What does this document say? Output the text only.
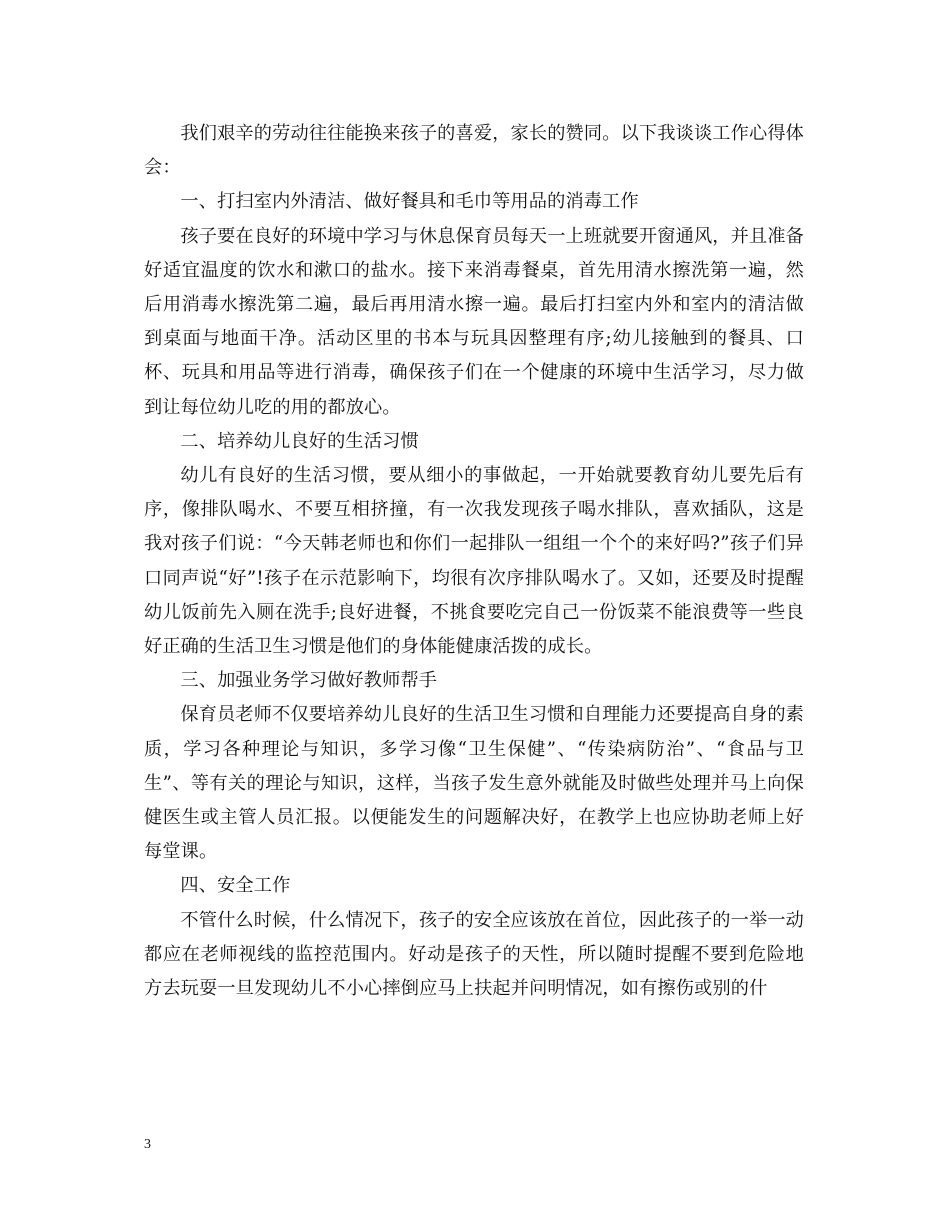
我们艰辛的劳动往往能换来孩子的喜爱，家长的赞同。以下我谈谈工作心得体会：

一、打扫室内外清洁、做好餐具和毛巾等用品的消毒工作

孩子要在良好的环境中学习与休息保育员每天一上班就要开窗通风，并且准备好适宜温度的饮水和漱口的盐水。接下来消毒餐桌，首先用清水擦洗第一遍，然后用消毒水擦洗第二遍，最后再用清水擦一遍。最后打扫室内外和室内的清洁做到桌面与地面干净。活动区里的书本与玩具因整理有序;幼儿接触到的餐具、口杯、玩具和用品等进行消毒，确保孩子们在一个健康的环境中生活学习，尽力做到让每位幼儿吃的用的都放心。

二、培养幼儿良好的生活习惯

幼儿有良好的生活习惯，要从细小的事做起，一开始就要教育幼儿要先后有序，像排队喝水、不要互相挤撞，有一次我发现孩子喝水排队，喜欢插队，这是我对孩子们说：“今天韩老师也和你们一起排队一组组一个个的来好吗?”孩子们异口同声说“好”!孩子在示范影响下，均很有次序排队喝水了。又如，还要及时提醒幼儿饭前先入厕在洗手;良好进餐，不挑食要吃完自己一份饭菜不能浪费等一些良好正确的生活卫生习惯是他们的身体能健康活拨的成长。

三、加强业务学习做好教师帮手

保育员老师不仅要培养幼儿良好的生活卫生习惯和自理能力还要提高自身的素质，学习各种理论与知识，多学习像“卫生保健”、“传染病防治”、“食品与卫生”、等有关的理论与知识，这样，当孩子发生意外就能及时做些处理并马上向保健医生或主管人员汇报。以便能发生的问题解决好，在教学上也应协助老师上好每堂课。

四、安全工作

不管什么时候，什么情况下，孩子的安全应该放在首位，因此孩子的一举一动都应在老师视线的监控范围内。好动是孩子的天性，所以随时提醒不要到危险地方去玩耍一旦发现幼儿不小心摔倒应马上扶起并问明情况，如有擦伤或别的什

3
